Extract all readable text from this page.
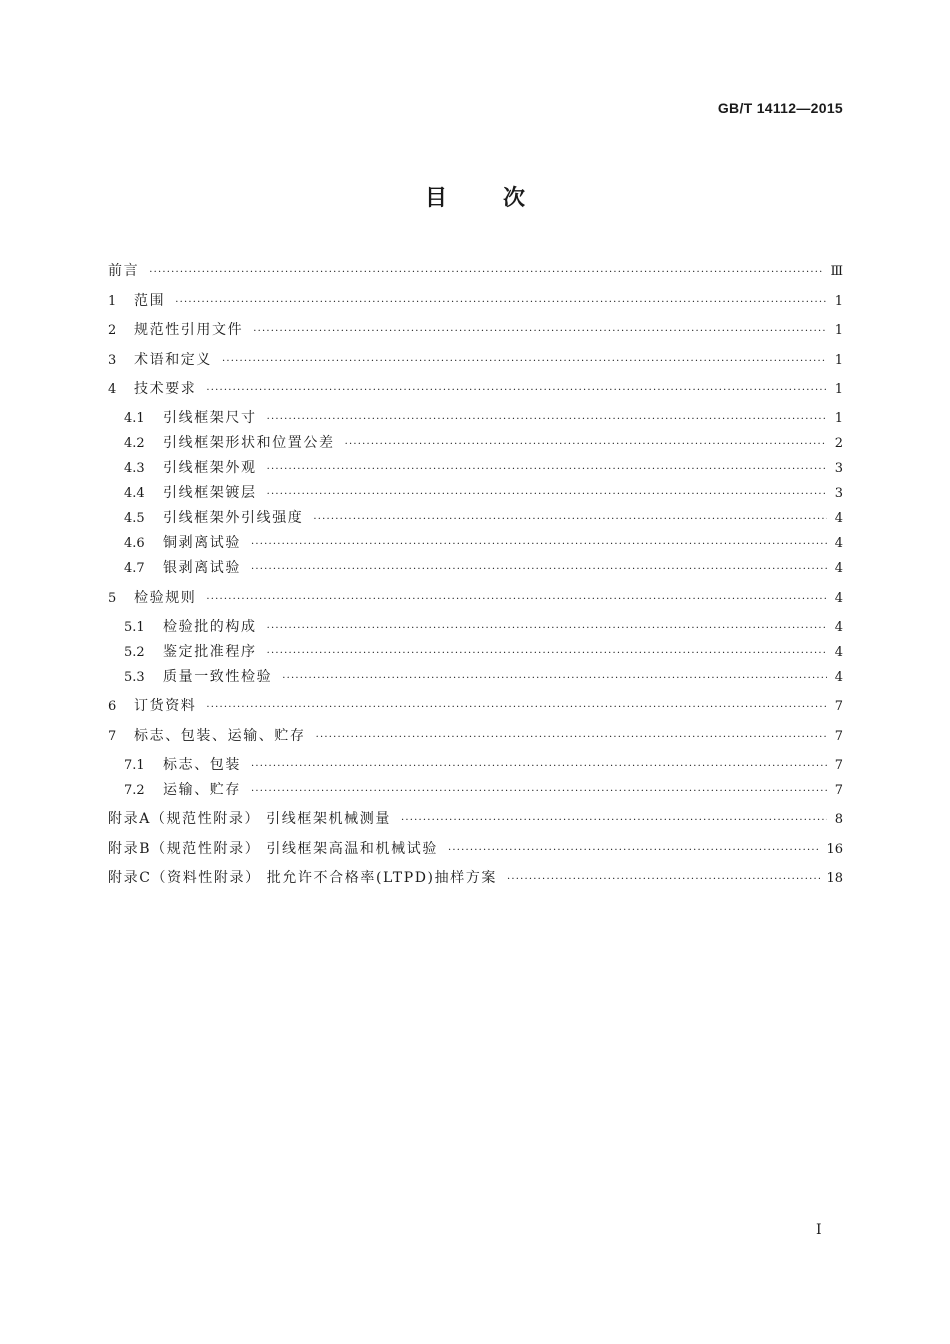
GB/T 14112—2015
目次
前言 ·····	Ⅲ
1	范围 ·····	1
2	规范性引用文件 ·····	1
3	术语和定义 ·····	1
4	技术要求 ·····	1
4.1	引线框架尺寸 ·····	1
4.2	引线框架形状和位置公差 ·····	2
4.3	引线框架外观 ·····	3
4.4	引线框架镀层 ·····	3
4.5	引线框架外引线强度 ·····	4
4.6	铜剥离试验 ·····	4
4.7	银剥离试验 ·····	4
5	检验规则 ·····	4
5.1	检验批的构成 ·····	4
5.2	鉴定批准程序 ·····	4
5.3	质量一致性检验 ·····	4
6	订货资料 ·····	7
7	标志、包装、运输、贮存 ·····	7
7.1	标志、包装 ·····	7
7.2	运输、贮存 ·····	7
附录A（规范性附录） 引线框架机械测量 ·····	8
附录B（规范性附录） 引线框架高温和机械试验 ·····	16
附录C（资料性附录） 批允许不合格率(LTPD)抽样方案 ·····	18
I
